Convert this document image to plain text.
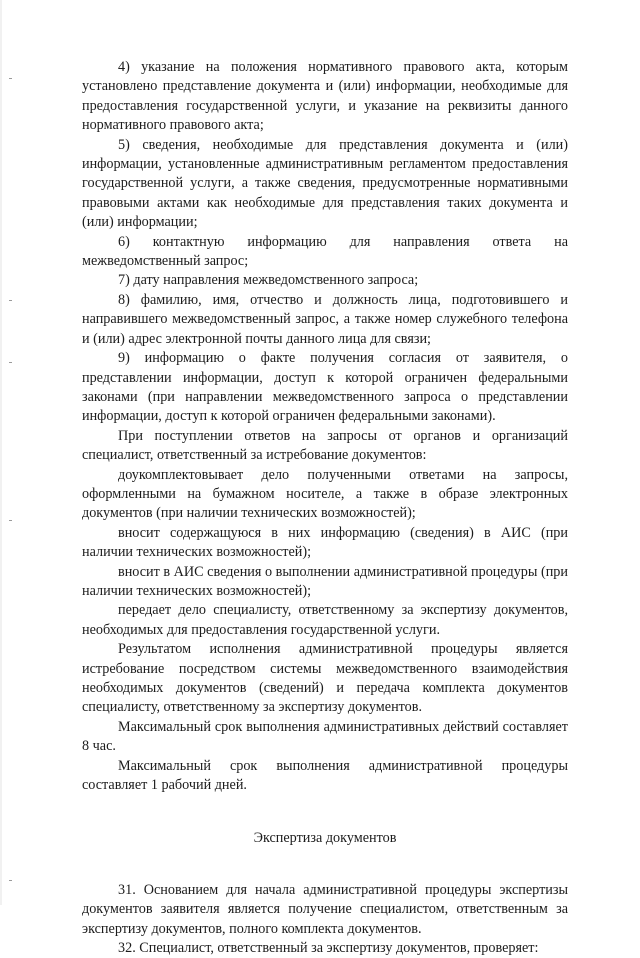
4) указание на положения нормативного правового акта, которым установлено представление документа и (или) информации, необходимые для предоставления государственной услуги, и указание на реквизиты данного нормативного правового акта;

5) сведения, необходимые для представления документа и (или) информации, установленные административным регламентом предоставления государственной услуги, а также сведения, предусмотренные нормативными правовыми актами как необходимые для представления таких документа и (или) информации;

6) контактную информацию для направления ответа на межведомственный запрос;

7) дату направления межведомственного запроса;

8) фамилию, имя, отчество и должность лица, подготовившего и направившего межведомственный запрос, а также номер служебного телефона и (или) адрес электронной почты данного лица для связи;

9) информацию о факте получения согласия от заявителя, о представлении информации, доступ к которой ограничен федеральными законами (при направлении межведомственного запроса о представлении информации, доступ к которой ограничен федеральными законами).

При поступлении ответов на запросы от органов и организаций специалист, ответственный за истребование документов:

доукомплектовывает дело полученными ответами на запросы, оформленными на бумажном носителе, а также в образе электронных документов (при наличии технических возможностей);

вносит содержащуюся в них информацию (сведения) в АИС (при наличии технических возможностей);

вносит в АИС сведения о выполнении административной процедуры (при наличии технических возможностей);

передает дело специалисту, ответственному за экспертизу документов, необходимых для предоставления государственной услуги.

Результатом исполнения административной процедуры является истребование посредством системы межведомственного взаимодействия необходимых документов (сведений) и передача комплекта документов специалисту, ответственному за экспертизу документов.

Максимальный срок выполнения административных действий составляет 8 час.

Максимальный срок выполнения административной процедуры составляет 1 рабочий дней.

Экспертиза документов

31. Основанием для начала административной процедуры экспертизы документов заявителя является получение специалистом, ответственным за экспертизу документов, полного комплекта документов.

32. Специалист, ответственный за экспертизу документов, проверяет:
